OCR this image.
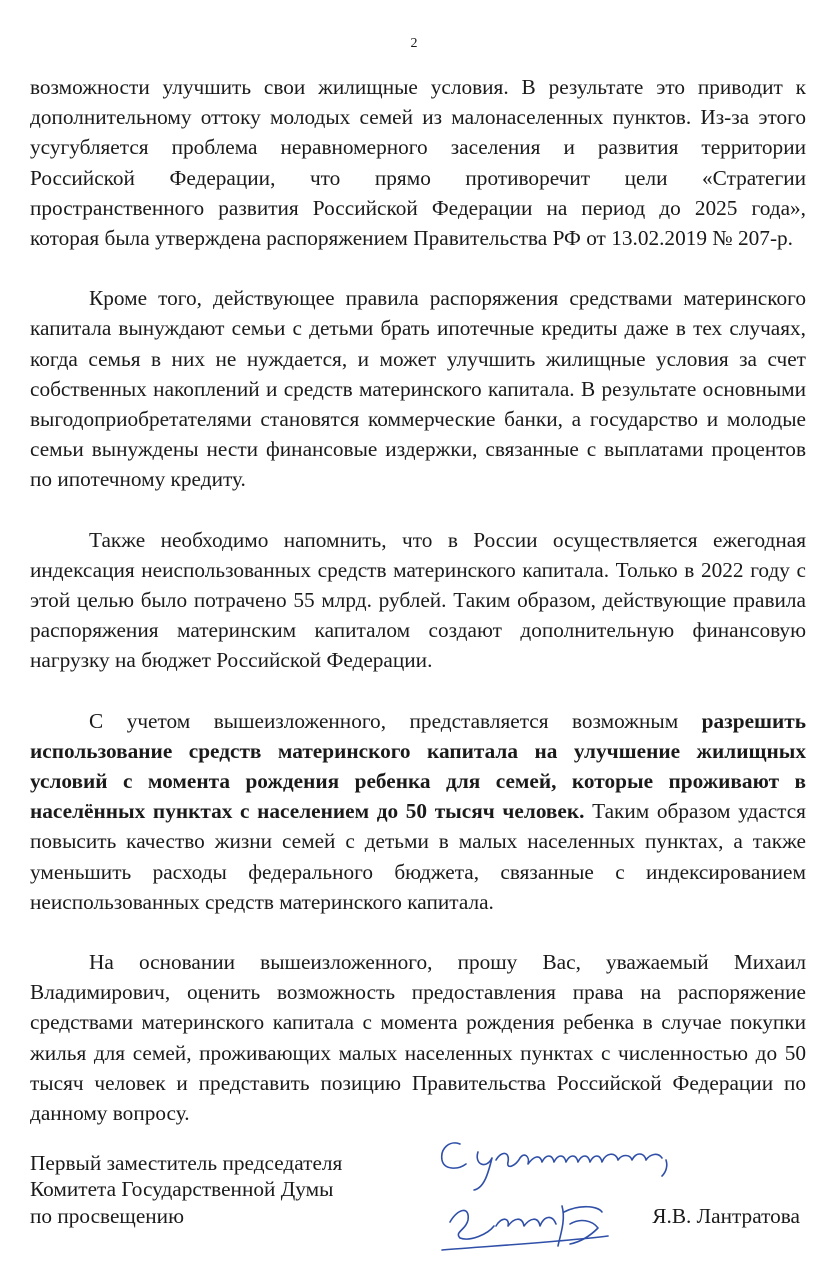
2

возможности улучшить свои жилищные условия. В результате это приводит к дополнительному оттоку молодых семей из малонаселенных пунктов. Из-за этого усугубляется проблема неравномерного заселения и развития территории Российской Федерации, что прямо противоречит цели «Стратегии пространственного развития Российской Федерации на период до 2025 года», которая была утверждена распоряжением Правительства РФ от 13.02.2019 № 207-р.

Кроме того, действующее правила распоряжения средствами материнского капитала вынуждают семьи с детьми брать ипотечные кредиты даже в тех случаях, когда семья в них не нуждается, и может улучшить жилищные условия за счет собственных накоплений и средств материнского капитала. В результате основными выгодоприобретателями становятся коммерческие банки, а государство и молодые семьи вынуждены нести финансовые издержки, связанные с выплатами процентов по ипотечному кредиту.

Также необходимо напомнить, что в России осуществляется ежегодная индексация неиспользованных средств материнского капитала. Только в 2022 году с этой целью было потрачено 55 млрд. рублей. Таким образом, действующие правила распоряжения материнским капиталом создают дополнительную финансовую нагрузку на бюджет Российской Федерации.

С учетом вышеизложенного, представляется возможным разрешить использование средств материнского капитала на улучшение жилищных условий с момента рождения ребенка для семей, которые проживают в населённых пунктах с населением до 50 тысяч человек. Таким образом удастся повысить качество жизни семей с детьми в малых населенных пунктах, а также уменьшить расходы федерального бюджета, связанные с индексированием неиспользованных средств материнского капитала.

На основании вышеизложенного, прошу Вас, уважаемый Михаил Владимирович, оценить возможность предоставления права на распоряжение средствами материнского капитала с момента рождения ребенка в случае покупки жилья для семей, проживающих малых населенных пунктах с численностью до 50 тысяч человек и представить позицию Правительства Российской Федерации по данному вопросу.

Первый заместитель председателя
Комитета Государственной Думы
по просвещению	Я.В. Лантратова
